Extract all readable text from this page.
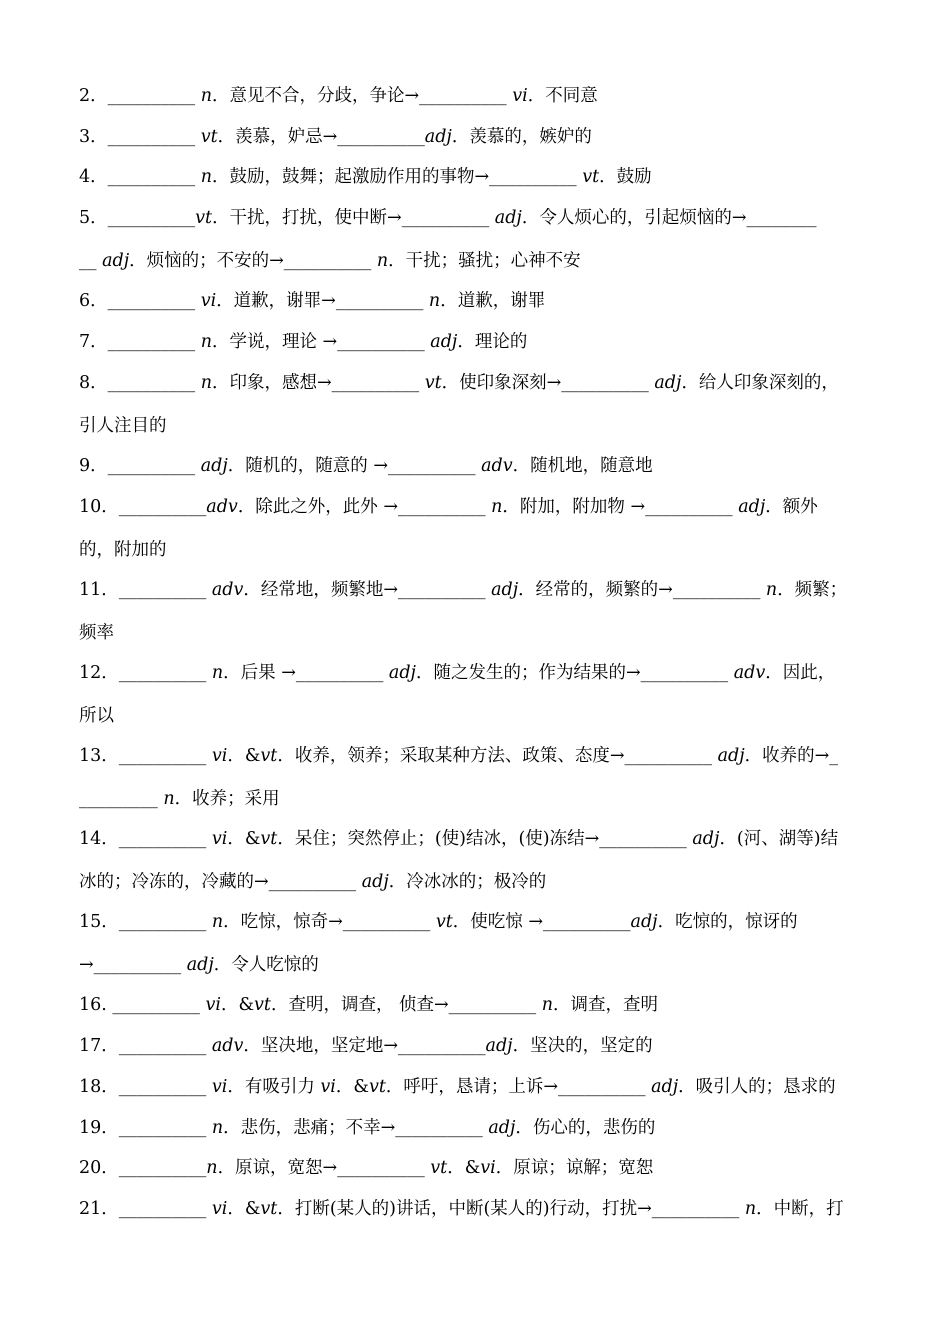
2．__________ n．意见不合，分歧，争论→__________ vi．不同意
3．__________ vt．羡慕，妒忌→__________adj．羡慕的，嫉妒的
4．__________ n．鼓励，鼓舞；起激励作用的事物→__________ vt．鼓励
5．__________vt．干扰，打扰，使中断→__________ adj．令人烦心的，引起烦恼的→________
__ adj．烦恼的；不安的→__________ n．干扰；骚扰；心神不安
6．__________ vi．道歉，谢罪→__________ n．道歉，谢罪
7．__________ n．学说，理论 →__________ adj．理论的
8．__________ n．印象，感想→__________ vt．使印象深刻→__________ adj．给人印象深刻的，
引人注目的
9．__________ adj．随机的，随意的 →__________ adv．随机地，随意地
10．__________adv．除此之外，此外 →__________ n．附加，附加物 →__________ adj．额外
的，附加的
11．__________ adv．经常地，频繁地→__________ adj．经常的，频繁的→__________ n．频繁；
频率
12．__________ n．后果 →__________ adj．随之发生的；作为结果的→__________ adv．因此，
所以
13．__________ vi．&vt．收养，领养；采取某种方法、政策、态度→__________ adj．收养的→_
_________ n．收养；采用
14．__________ vi．&vt．呆住；突然停止；(使)结冰，(使)冻结→__________ adj．(河、湖等)结
冰的；冷冻的，冷藏的→__________ adj．冷冰冰的；极冷的
15．__________ n．吃惊，惊奇→__________ vt．使吃惊 →__________adj．吃惊的，惊讶的
→__________ adj．令人吃惊的
16. __________ vi．&vt．查明，调查， 侦查→__________ n．调查，查明
17．__________ adv．坚决地，坚定地→__________adj．坚决的，坚定的
18．__________ vi．有吸引力 vi．&vt．呼吁，恳请；上诉→__________ adj．吸引人的；恳求的
19．__________ n．悲伤，悲痛；不幸→__________ adj．伤心的，悲伤的
20．__________n．原谅，宽恕→__________ vt．&vi．原谅；谅解；宽恕
21．__________ vi．&vt．打断(某人的)讲话，中断(某人的)行动，打扰→__________ n．中断，打
